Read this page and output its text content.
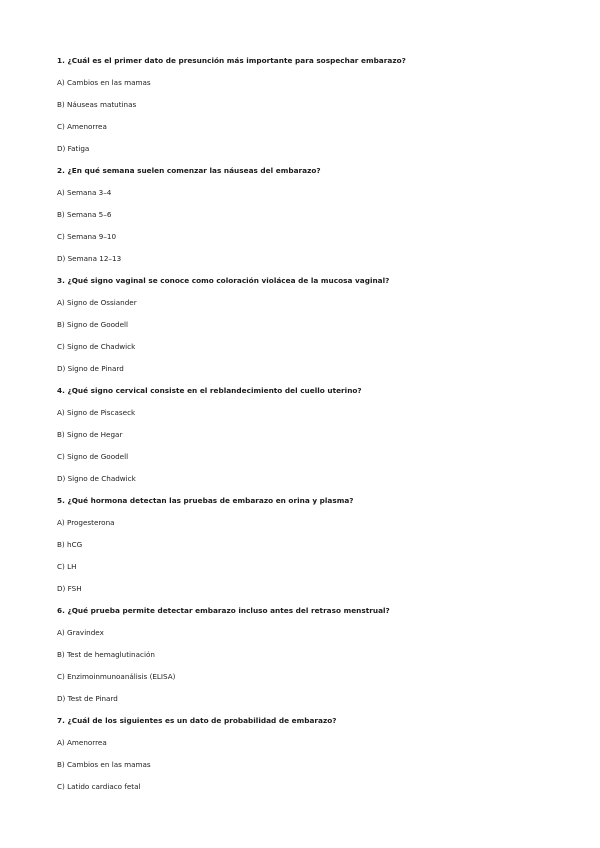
1. ¿Cuál es el primer dato de presunción más importante para sospechar embarazo?
A) Cambios en las mamas
B) Náuseas matutinas
C) Amenorrea
D) Fatiga
2. ¿En qué semana suelen comenzar las náuseas del embarazo?
A) Semana 3–4
B) Semana 5–6
C) Semana 9–10
D) Semana 12–13
3. ¿Qué signo vaginal se conoce como coloración violácea de la mucosa vaginal?
A) Signo de Ossiander
B) Signo de Goodell
C) Signo de Chadwick
D) Signo de Pinard
4. ¿Qué signo cervical consiste en el reblandecimiento del cuello uterino?
A) Signo de Piscaseck
B) Signo de Hegar
C) Signo de Goodell
D) Signo de Chadwick
5. ¿Qué hormona detectan las pruebas de embarazo en orina y plasma?
A) Progesterona
B) hCG
C) LH
D) FSH
6. ¿Qué prueba permite detectar embarazo incluso antes del retraso menstrual?
A) Gravindex
B) Test de hemaglutinación
C) Enzimoinmunoanálisis (ELISA)
D) Test de Pinard
7. ¿Cuál de los siguientes es un dato de probabilidad de embarazo?
A) Amenorrea
B) Cambios en las mamas
C) Latido cardiaco fetal
